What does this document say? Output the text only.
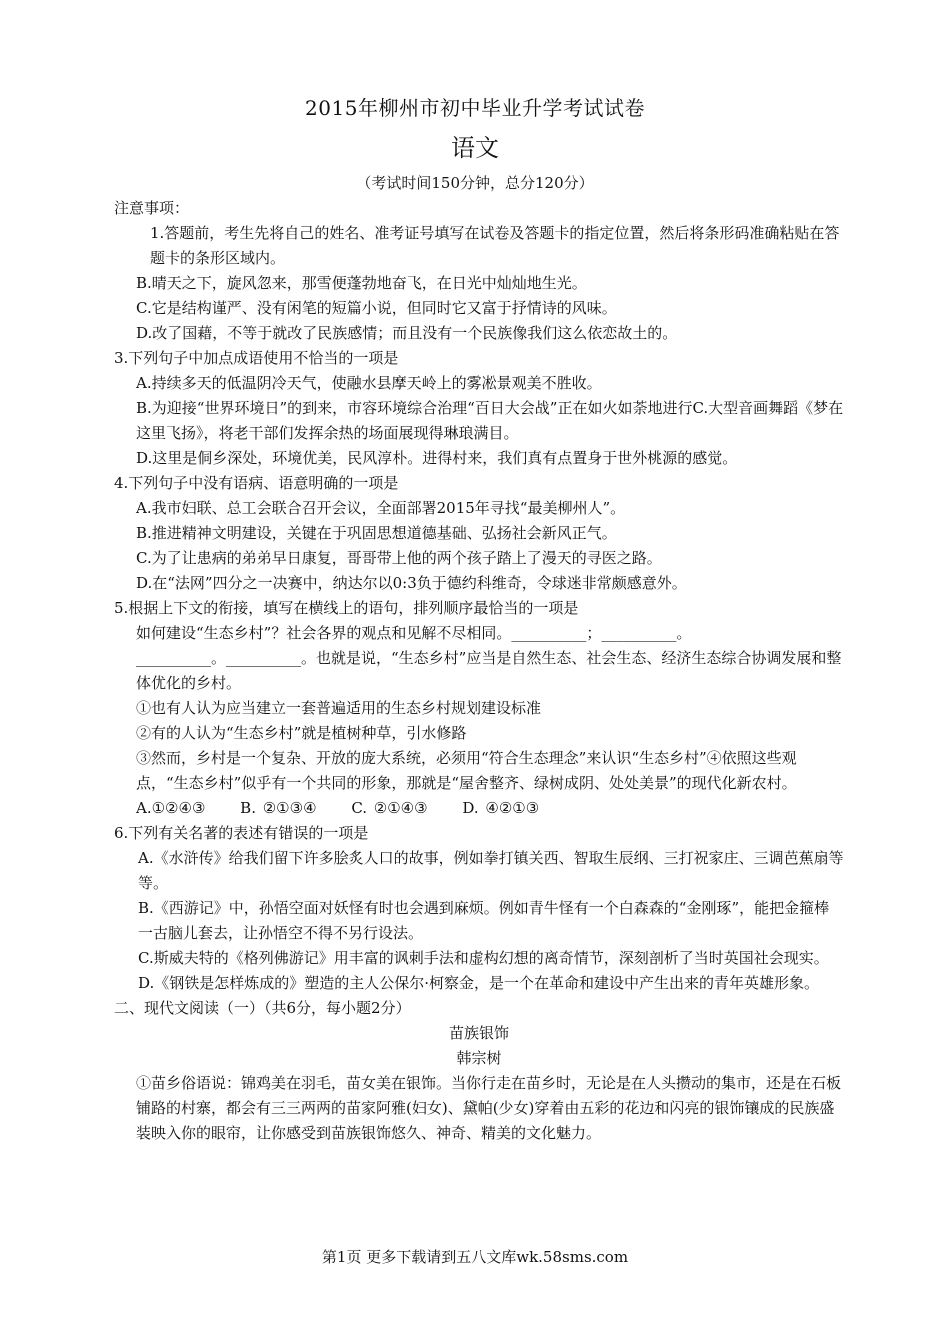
2015年柳州市初中毕业升学考试试卷
语文
（考试时间150分钟，总分120分）

注意事项：

1.答题前，考生先将自己的姓名、准考证号填写在试卷及答题卡的指定位置，然后将条形码准确粘贴在答题卡的条形区域内。

B.晴天之下，旋风忽来，那雪便蓬勃地奋飞，在日光中灿灿地生光。

C.它是结构谨严、没有闲笔的短篇小说，但同时它又富于抒情诗的风味。

D.改了国藉，不等于就改了民族感情；而且没有一个民族像我们这么依恋故土的。

3.下列句子中加点成语使用不恰当的一项是

A.持续多天的低温阴冷天气，使融水县摩天岭上的雾凇景观美不胜收。

B.为迎接“世界环境日”的到来，市容环境综合治理“百日大会战”正在如火如荼地进行C.大型音画舞蹈《梦在这里飞扬》，将老干部们发挥余热的场面展现得琳琅满目。

D.这里是侗乡深处，环境优美，民风淳朴。进得村来，我们真有点置身于世外桃源的感觉。

4.下列句子中没有语病、语意明确的一项是

A.我市妇联、总工会联合召开会议，全面部署2015年寻找“最美柳州人”。

B.推进精神文明建设，关键在于巩固思想道德基础、弘扬社会新风正气。

C.为了让患病的弟弟早日康复，哥哥带上他的两个孩子踏上了漫天的寻医之路。

D.在“法网”四分之一决赛中，纳达尔以0:3负于德约科维奇，令球迷非常颇感意外。

5.根据上下文的衔接，填写在横线上的语句，排列顺序最恰当的一项是

如何建设“生态乡村”？社会各界的观点和见解不尽相同。__________；__________。

__________。__________。也就是说，“生态乡村”应当是自然生态、社会生态、经济生态综合协调发展和整体优化的乡村。

①也有人认为应当建立一套普遍适用的生态乡村规划建设标准

②有的人认为“生态乡村”就是植树种草，引水修路

③然而，乡村是一个复杂、开放的庞大系统，必须用“符合生态理念”来认识“生态乡村”④依照这些观点，“生态乡村”似乎有一个共同的形象，那就是“屋舍整齐、绿树成阴、处处美景”的现代化新农村。

A.①②④③ B. ②①③④ C. ②①④③ D. ④②①③

6.下列有关名著的表述有错误的一项是

A.《水浒传》给我们留下许多脍炙人口的故事，例如拳打镇关西、智取生辰纲、三打祝家庄、三调芭蕉扇等等。

B.《西游记》中，孙悟空面对妖怪有时也会遇到麻烦。例如青牛怪有一个白森森的“金刚琢”，能把金箍棒一古脑儿套去，让孙悟空不得不另行设法。

C.斯威夫特的《格列佛游记》用丰富的讽刺手法和虚构幻想的离奇情节，深刻剖析了当时英国社会现实。

D.《钢铁是怎样炼成的》塑造的主人公保尔·柯察金，是一个在革命和建设中产生出来的青年英雄形象。

二、现代文阅读（一）（共6分，每小题2分）

苗族银饰

韩宗树

①苗乡俗语说：锦鸡美在羽毛，苗女美在银饰。当你行走在苗乡时，无论是在人头攒动的集市，还是在石板铺路的村寨，都会有三三两两的苗家阿雅(妇女)、黛帕(少女)穿着由五彩的花边和闪亮的银饰镶成的民族盛装映入你的眼帘，让你感受到苗族银饰悠久、神奇、精美的文化魅力。

第1页 更多下载请到五八文库wk.58sms.com
